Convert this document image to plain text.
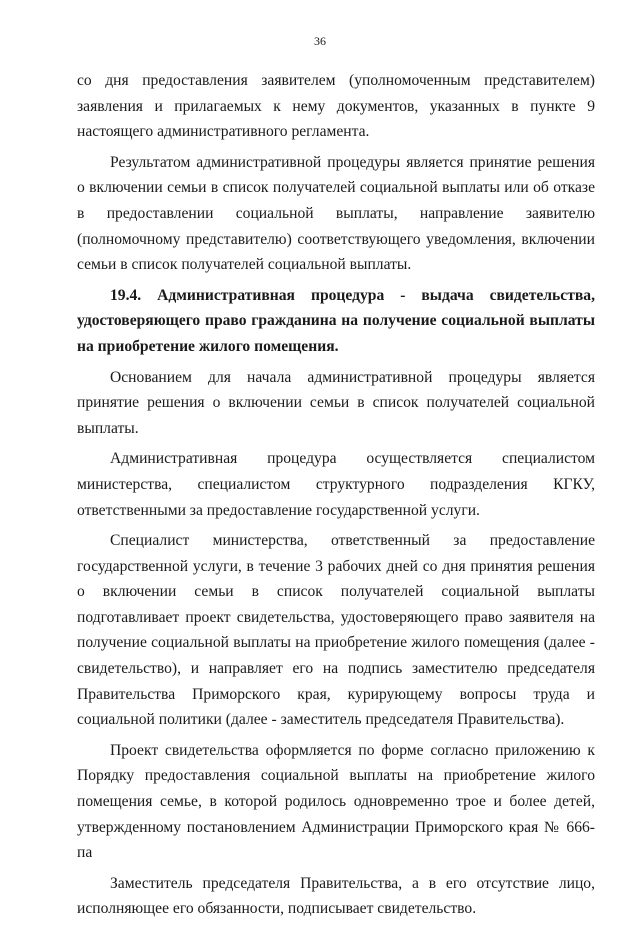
36

со дня предоставления заявителем (уполномоченным представителем) заявления и прилагаемых к нему документов, указанных в пункте 9 настоящего административного регламента.

Результатом административной процедуры является принятие решения о включении семьи в список получателей социальной выплаты или об отказе в предоставлении социальной выплаты, направление заявителю (полномочному представителю) соответствующего уведомления, включении семьи в список получателей социальной выплаты.

19.4. Административная процедура - выдача свидетельства, удостоверяющего право гражданина на получение социальной выплаты на приобретение жилого помещения.

Основанием для начала административной процедуры является принятие решения о включении семьи в список получателей социальной выплаты.

Административная процедура осуществляется специалистом министерства, специалистом структурного подразделения КГКУ, ответственными за предоставление государственной услуги.

Специалист министерства, ответственный за предоставление государственной услуги, в течение 3 рабочих дней со дня принятия решения о включении семьи в список получателей социальной выплаты подготавливает проект свидетельства, удостоверяющего право заявителя на получение социальной выплаты на приобретение жилого помещения (далее - свидетельство), и направляет его на подпись заместителю председателя Правительства Приморского края, курирующему вопросы труда и социальной политики (далее - заместитель председателя Правительства).

Проект свидетельства оформляется по форме согласно приложению к Порядку предоставления социальной выплаты на приобретение жилого помещения семье, в которой родилось одновременно трое и более детей, утвержденному постановлением Администрации Приморского края № 666-па

Заместитель председателя Правительства, а в его отсутствие лицо, исполняющее его обязанности, подписывает свидетельство.
